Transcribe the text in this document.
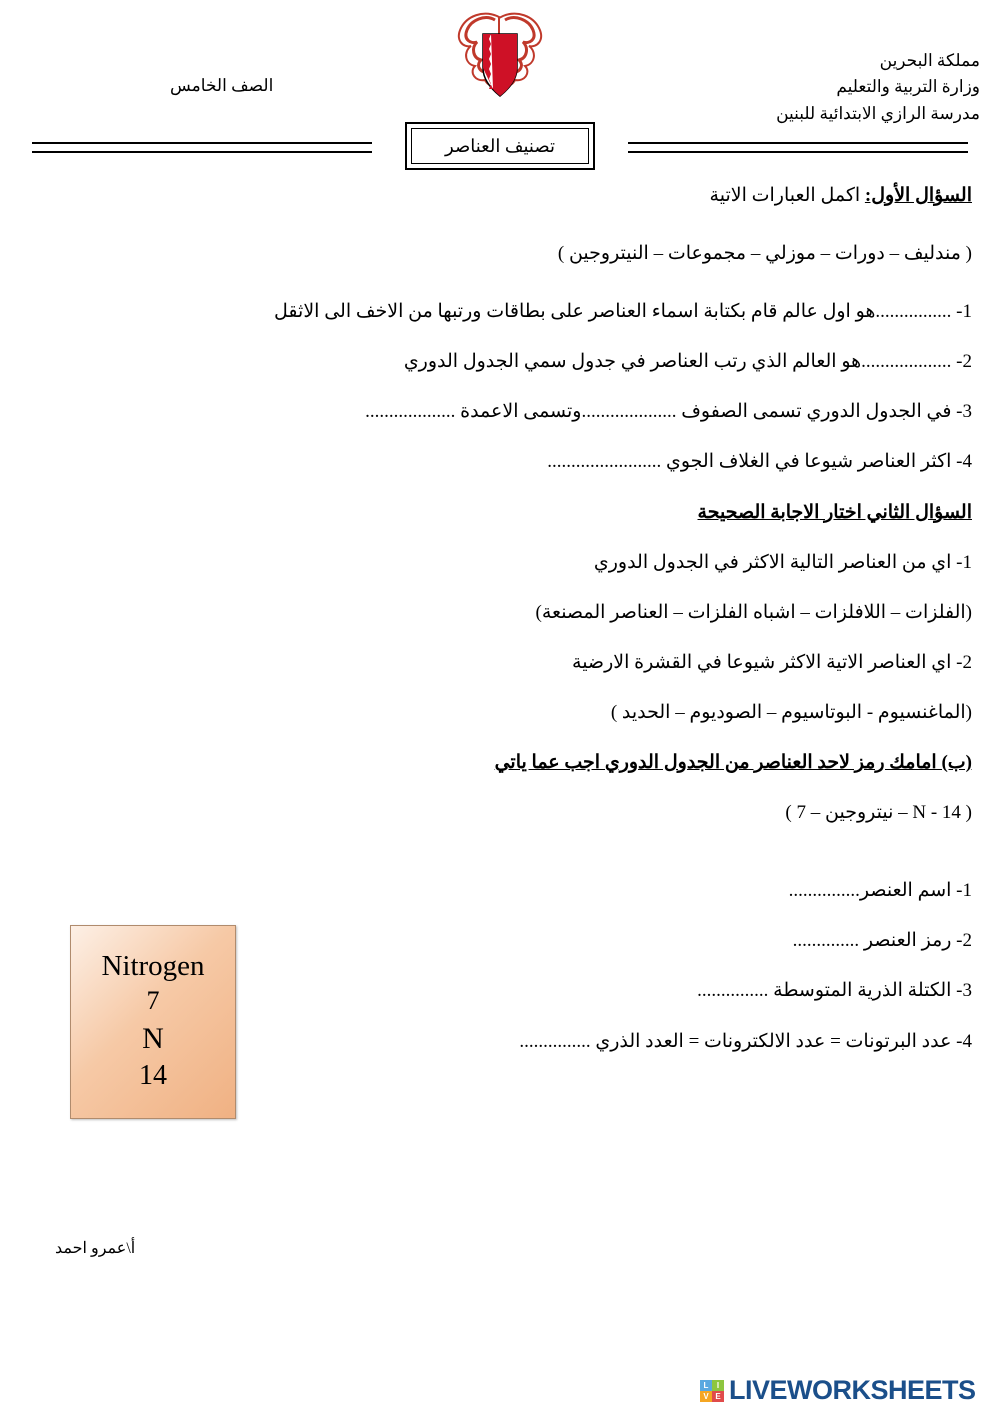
مملكة البحرين
وزارة التربية والتعليم
مدرسة الرازي الابتدائية للبنين
الصف الخامس
تصنيف العناصر

السؤال الأول: اكمل العبارات الاتية

( مندليف – دورات – موزلي – مجموعات – النيتروجين )

1- ................هو اول عالم قام بكتابة اسماء العناصر على بطاقات ورتبها من الاخف الى الاثقل

2- ...................هو العالم الذي رتب العناصر في جدول سمي الجدول الدوري

3- في الجدول الدوري تسمى الصفوف ....................وتسمى الاعمدة ...................

4- اكثر العناصر شيوعا في الغلاف الجوي ........................

السؤال الثاني اختار الاجابة الصحيحة

1- اي من العناصر التالية الاكثر في الجدول الدوري

(الفلزات – اللافلزات – اشباه الفلزات – العناصر المصنعة)

2- اي العناصر الاتية الاكثر شيوعا في القشرة الارضية

(الماغنسيوم - البوتاسيوم – الصوديوم – الحديد )

(ب) امامك رمز لاحد العناصر من الجدول الدوري اجب عما ياتي

( 14 - N – نيتروجين – 7 )

1- اسم العنصر...............

2- رمز العنصر ..............

3- الكتلة الذرية المتوسطة ...............

4- عدد البرتونات = عدد الالكترونات = العدد الذري ...............

Nitrogen
7
N
14
أ\عمرو احمد
L	I
V E LIVEWORKSHEETS
